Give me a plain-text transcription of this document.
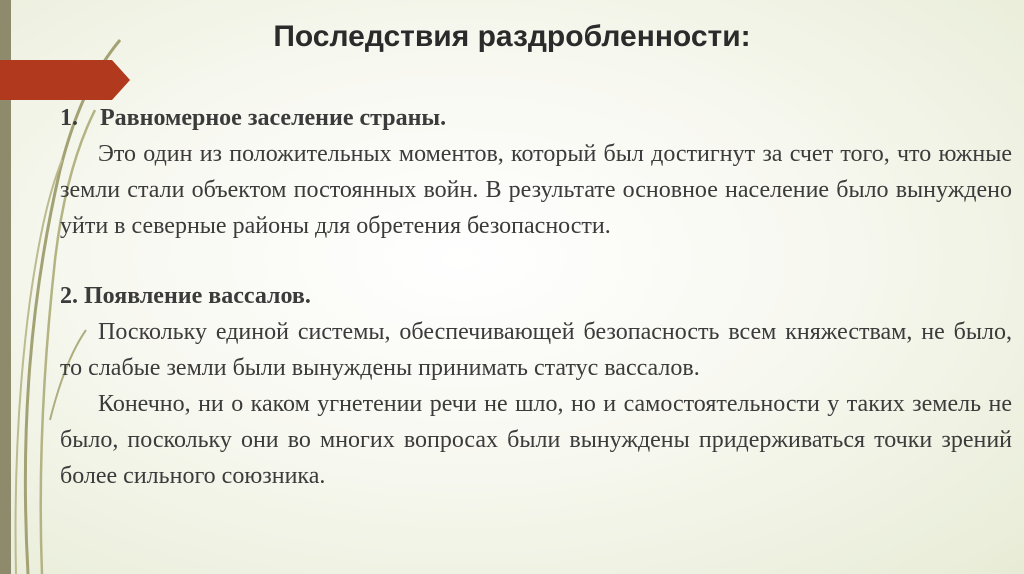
Последствия раздробленности:

1. Равномерное заселение страны.

Это один из положительных моментов, который был достигнут за счет того, что южные земли стали объектом постоянных войн. В результате основное население было вынуждено уйти в северные районы для обретения безопасности.

2. Появление вассалов.

Поскольку единой системы, обеспечивающей безопасность всем княжествам, не было, то слабые земли были вынуждены принимать статус вассалов.

Конечно, ни о каком угнетении речи не шло, но и самостоятельности у таких земель не было, поскольку они во многих вопросах были вынуждены придерживаться точки зрений более сильного союзника.
